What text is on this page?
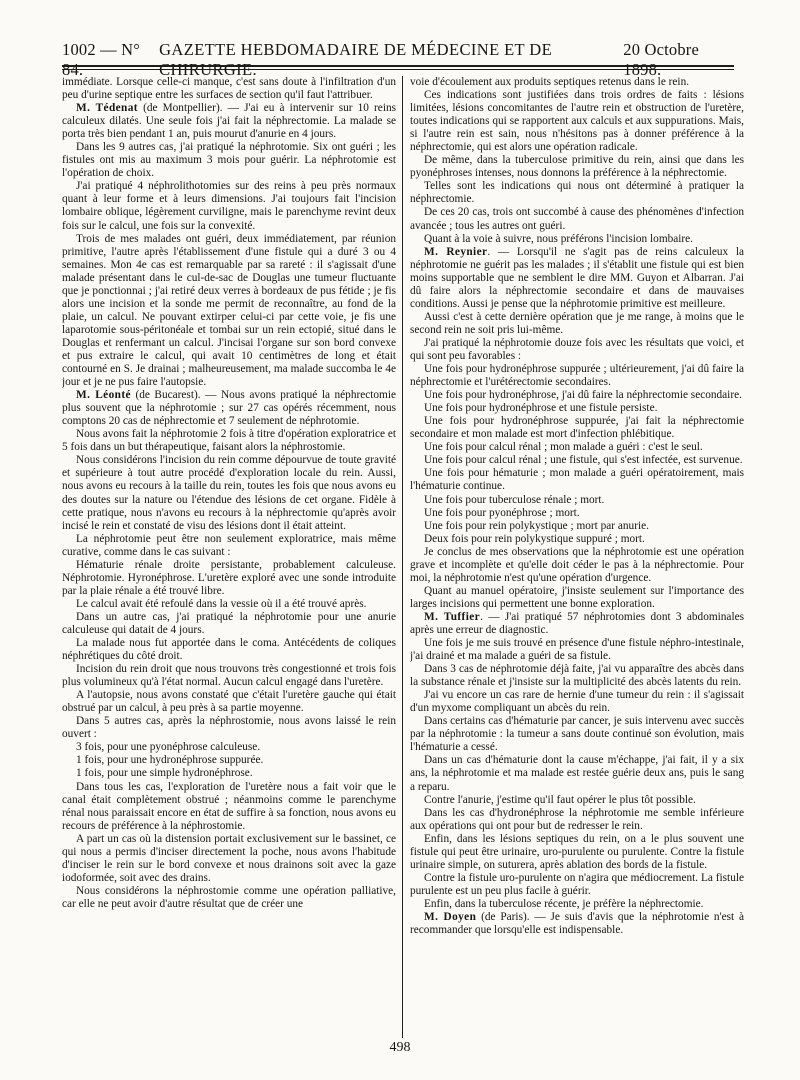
1002 — N° 84.
GAZETTE HEBDOMADAIRE DE MÉDECINE ET DE CHIRURGIE.
20 Octobre 1898.

immédiate. Lorsque celle-ci manque, c'est sans doute à l'infiltration d'un peu d'urine septique entre les surfaces de section qu'il faut l'attribuer.

M. Tédenat (de Montpellier). — J'ai eu à intervenir sur 10 reins calculeux dilatés. Une seule fois j'ai fait la néphrectomie. La malade se porta très bien pendant 1 an, puis mourut d'anurie en 4 jours.

Dans les 9 autres cas, j'ai pratiqué la néphrotomie. Six ont guéri ; les fistules ont mis au maximum 3 mois pour guérir. La néphrotomie est l'opération de choix.

J'ai pratiqué 4 néphrolithotomies sur des reins à peu près normaux quant à leur forme et à leurs dimensions. J'ai toujours fait l'incision lombaire oblique, légèrement curviligne, mais le parenchyme revint deux fois sur le calcul, une fois sur la convexité.

Trois de mes malades ont guéri, deux immédiatement, par réunion primitive, l'autre après l'établissement d'une fistule qui a duré 3 ou 4 semaines. Mon 4e cas est remarquable par sa rareté : il s'agissait d'une malade présentant dans le cul-de-sac de Douglas une tumeur fluctuante que je ponctionnai ; j'ai retiré deux verres à bordeaux de pus fétide ; je fis alors une incision et la sonde me permit de reconnaître, au fond de la plaie, un calcul. Ne pouvant extirper celui-ci par cette voie, je fis une laparotomie sous-péritonéale et tombai sur un rein ectopié, situé dans le Douglas et renfermant un calcul. J'incisai l'organe sur son bord convexe et pus extraire le calcul, qui avait 10 centimètres de long et était contourné en S. Je drainai ; malheureusement, ma malade succomba le 4e jour et je ne pus faire l'autopsie.

M. Léonté (de Bucarest). — Nous avons pratiqué la néphrectomie plus souvent que la néphrotomie ; sur 27 cas opérés récemment, nous comptons 20 cas de néphrectomie et 7 seulement de néphrotomie.

Nous avons fait la néphrotomie 2 fois à titre d'opération exploratrice et 5 fois dans un but thérapeutique, faisant alors la néphrostomie.

Nous considérons l'incision du rein comme dépourvue de toute gravité et supérieure à tout autre procédé d'exploration locale du rein. Aussi, nous avons eu recours à la taille du rein, toutes les fois que nous avons eu des doutes sur la nature ou l'étendue des lésions de cet organe. Fidèle à cette pratique, nous n'avons eu recours à la néphrectomie qu'après avoir incisé le rein et constaté de visu des lésions dont il était atteint.

La néphrotomie peut être non seulement exploratrice, mais même curative, comme dans le cas suivant :

Hématurie rénale droite persistante, probablement calculeuse. Néphrotomie. Hyronéphrose. L'uretère exploré avec une sonde introduite par la plaie rénale a été trouvé libre.

Le calcul avait été refoulé dans la vessie où il a été trouvé après.

Dans un autre cas, j'ai pratiqué la néphrotomie pour une anurie calculeuse qui datait de 4 jours.

La malade nous fut apportée dans le coma. Antécédents de coliques néphrétiques du côté droit.

Incision du rein droit que nous trouvons très congestionné et trois fois plus volumineux qu'à l'état normal. Aucun calcul engagé dans l'uretère.

A l'autopsie, nous avons constaté que c'était l'uretère gauche qui était obstrué par un calcul, à peu près à sa partie moyenne.

Dans 5 autres cas, après la néphrostomie, nous avons laissé le rein ouvert :

3 fois, pour une pyonéphrose calculeuse.

1 fois, pour une hydronéphrose suppurée.

1 fois, pour une simple hydronéphrose.

Dans tous les cas, l'exploration de l'uretère nous a fait voir que le canal était complètement obstrué ; néanmoins comme le parenchyme rénal nous paraissait encore en état de suffire à sa fonction, nous avons eu recours de préférence à la néphrostomie.

A part un cas où la distension portait exclusivement sur le bassinet, ce qui nous a permis d'inciser directement la poche, nous avons l'habitude d'inciser le rein sur le bord convexe et nous drainons soit avec la gaze iodoformée, soit avec des drains.

Nous considérons la néphrostomie comme une opération palliative, car elle ne peut avoir d'autre résultat que de créer une

voie d'écoulement aux produits septiques retenus dans le rein.

Ces indications sont justifiées dans trois ordres de faits : lésions limitées, lésions concomitantes de l'autre rein et obstruction de l'uretère, toutes indications qui se rapportent aux calculs et aux suppurations. Mais, si l'autre rein est sain, nous n'hésitons pas à donner préférence à la néphrectomie, qui est alors une opération radicale.

De même, dans la tuberculose primitive du rein, ainsi que dans les pyonéphroses intenses, nous donnons la préférence à la néphrectomie.

Telles sont les indications qui nous ont déterminé à pratiquer la néphrectomie.

De ces 20 cas, trois ont succombé à cause des phénomènes d'infection avancée ; tous les autres ont guéri.

Quant à la voie à suivre, nous préférons l'incision lombaire.

M. Reynier. — Lorsqu'il ne s'agit pas de reins calculeux la néphrotomie ne guérit pas les malades ; il s'établit une fistule qui est bien moins supportable que ne semblent le dire MM. Guyon et Albarran. J'ai dû faire alors la néphrectomie secondaire et dans de mauvaises conditions. Aussi je pense que la néphrotomie primitive est meilleure.

Aussi c'est à cette dernière opération que je me range, à moins que le second rein ne soit pris lui-même.

J'ai pratiqué la néphrotomie douze fois avec les résultats que voici, et qui sont peu favorables :

Une fois pour hydronéphrose suppurée ; ultérieurement, j'ai dû faire la néphrectomie et l'urétérectomie secondaires.

Une fois pour hydronéphrose, j'ai dû faire la néphrectomie secondaire.

Une fois pour hydronéphrose et une fistule persiste.

Une fois pour hydronéphrose suppurée, j'ai fait la néphrectomie secondaire et mon malade est mort d'infection phlébitique.

Une fois pour calcul rénal ; mon malade a guéri : c'est le seul.

Une fois pour calcul rénal ; une fistule, qui s'est infectée, est survenue.

Une fois pour hématurie ; mon malade a guéri opératoirement, mais l'hématurie continue.

Une fois pour tuberculose rénale ; mort.

Une fois pour pyonéphrose ; mort.

Une fois pour rein polykystique ; mort par anurie.

Deux fois pour rein polykystique suppuré ; mort.

Je conclus de mes observations que la néphrotomie est une opération grave et incomplète et qu'elle doit céder le pas à la néphrectomie. Pour moi, la néphrotomie n'est qu'une opération d'urgence.

Quant au manuel opératoire, j'insiste seulement sur l'importance des larges incisions qui permettent une bonne exploration.

M. Tuffier. — J'ai pratiqué 57 néphrotomies dont 3 abdominales après une erreur de diagnostic.

Une fois je me suis trouvé en présence d'une fistule néphro-intestinale, j'ai drainé et ma malade a guéri de sa fistule.

Dans 3 cas de néphrotomie déjà faite, j'ai vu apparaître des abcès dans la substance rénale et j'insiste sur la multiplicité des abcès latents du rein.

J'ai vu encore un cas rare de hernie d'une tumeur du rein : il s'agissait d'un myxome compliquant un abcès du rein.

Dans certains cas d'hématurie par cancer, je suis intervenu avec succès par la néphrotomie : la tumeur a sans doute continué son évolution, mais l'hématurie a cessé.

Dans un cas d'hématurie dont la cause m'échappe, j'ai fait, il y a six ans, la néphrotomie et ma malade est restée guérie deux ans, puis le sang a reparu.

Contre l'anurie, j'estime qu'il faut opérer le plus tôt possible.

Dans les cas d'hydronéphrose la néphrotomie me semble inférieure aux opérations qui ont pour but de redresser le rein.

Enfin, dans les lésions septiques du rein, on a le plus souvent une fistule qui peut être urinaire, uro-purulente ou purulente. Contre la fistule urinaire simple, on suturera, après ablation des bords de la fistule.

Contre la fistule uro-purulente on n'agira que médiocrement. La fistule purulente est un peu plus facile à guérir.

Enfin, dans la tuberculose récente, je préfère la néphrectomie.

M. Doyen (de Paris). — Je suis d'avis que la néphrotomie n'est à recommander que lorsqu'elle est indispensable.

498
